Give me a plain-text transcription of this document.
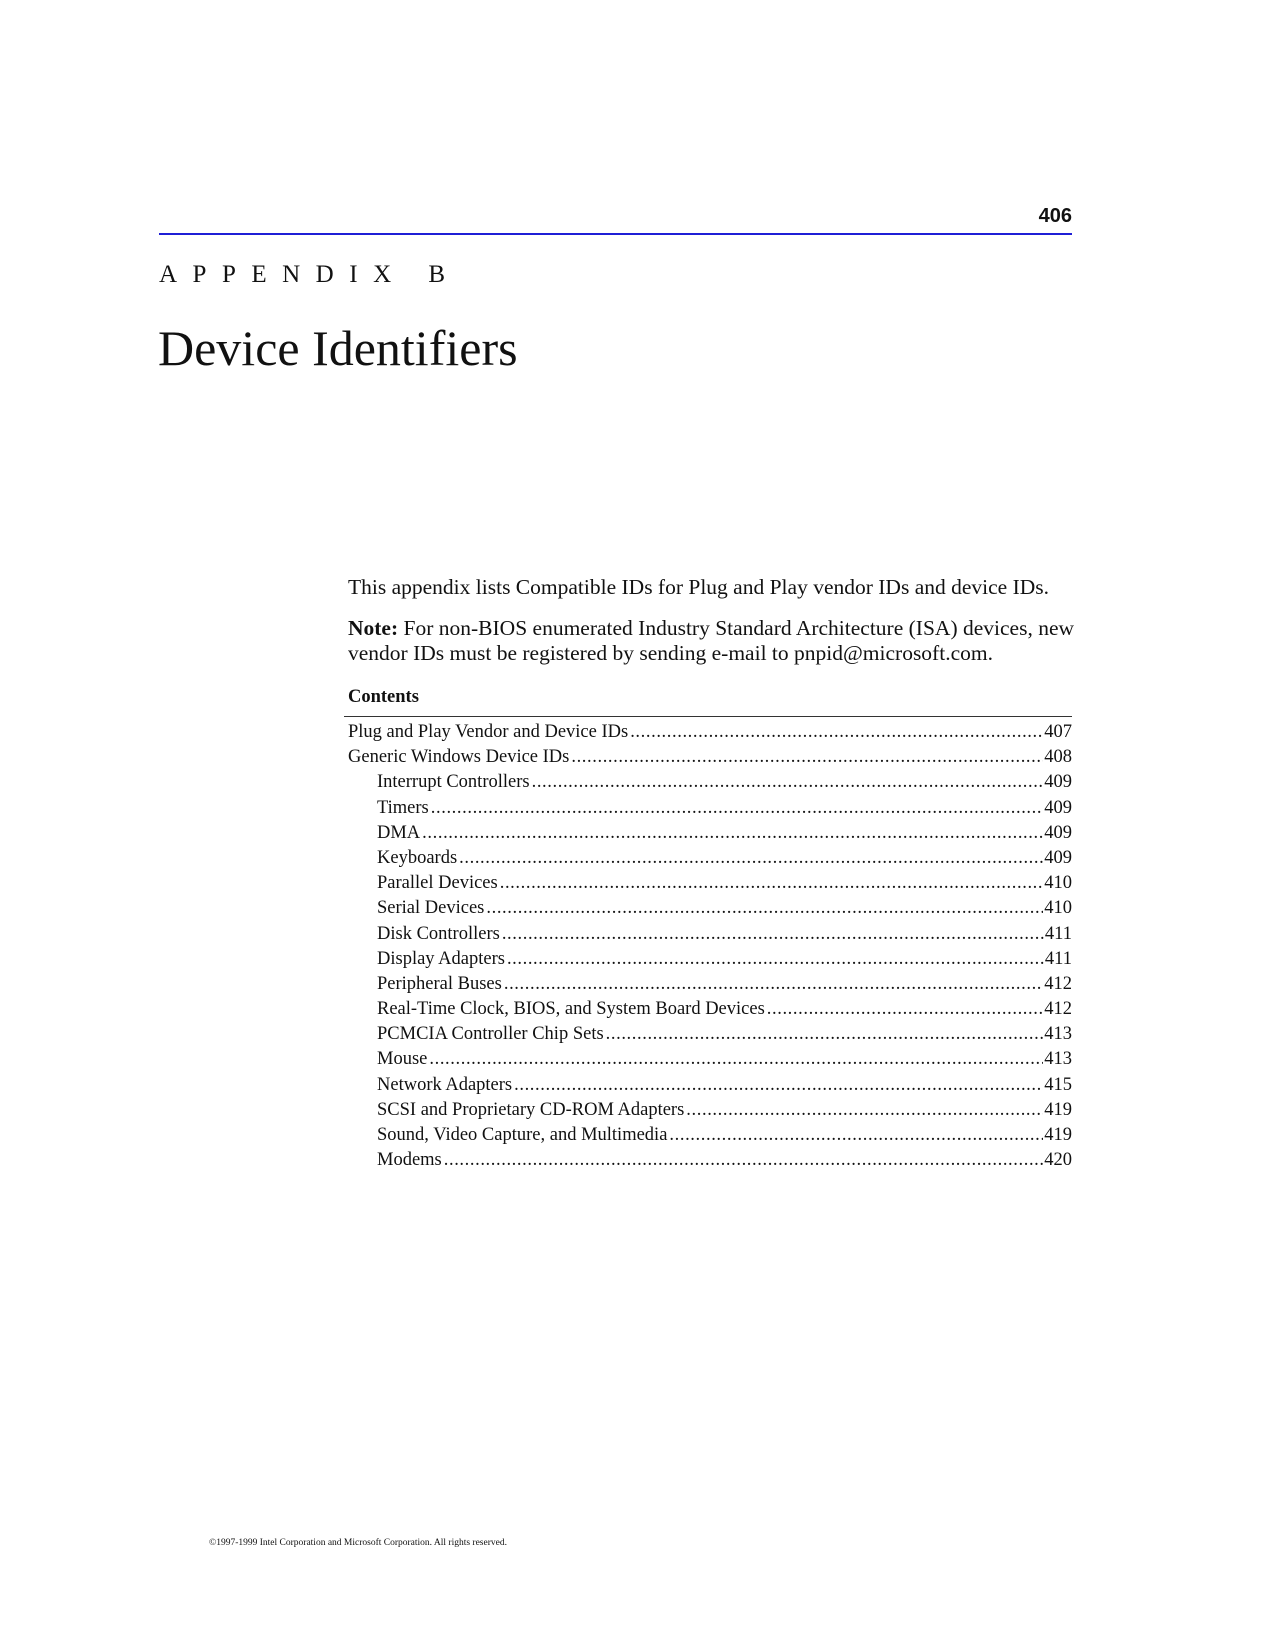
406
APPENDIX B
Device Identifiers

This appendix lists Compatible IDs for Plug and Play vendor IDs and device IDs.

Note: For non-BIOS enumerated Industry Standard Architecture (ISA) devices, new vendor IDs must be registered by sending e-mail to pnpid@microsoft.com.

Contents
Plug and Play Vendor and Device IDs .....	407
Generic Windows Device IDs .....	408
Interrupt Controllers .....	409
Timers .....	409
DMA .....	409
Keyboards .....	409
Parallel Devices .....	410
Serial Devices .....	410
Disk Controllers .....	411
Display Adapters .....	411
Peripheral Buses .....	412
Real-Time Clock, BIOS, and System Board Devices .....	412
PCMCIA Controller Chip Sets .....	413
Mouse .....	413
Network Adapters .....	415
SCSI and Proprietary CD-ROM Adapters .....	419
Sound, Video Capture, and Multimedia .....	419
Modems .....	420
©1997-1999 Intel Corporation and Microsoft Corporation. All rights reserved.
